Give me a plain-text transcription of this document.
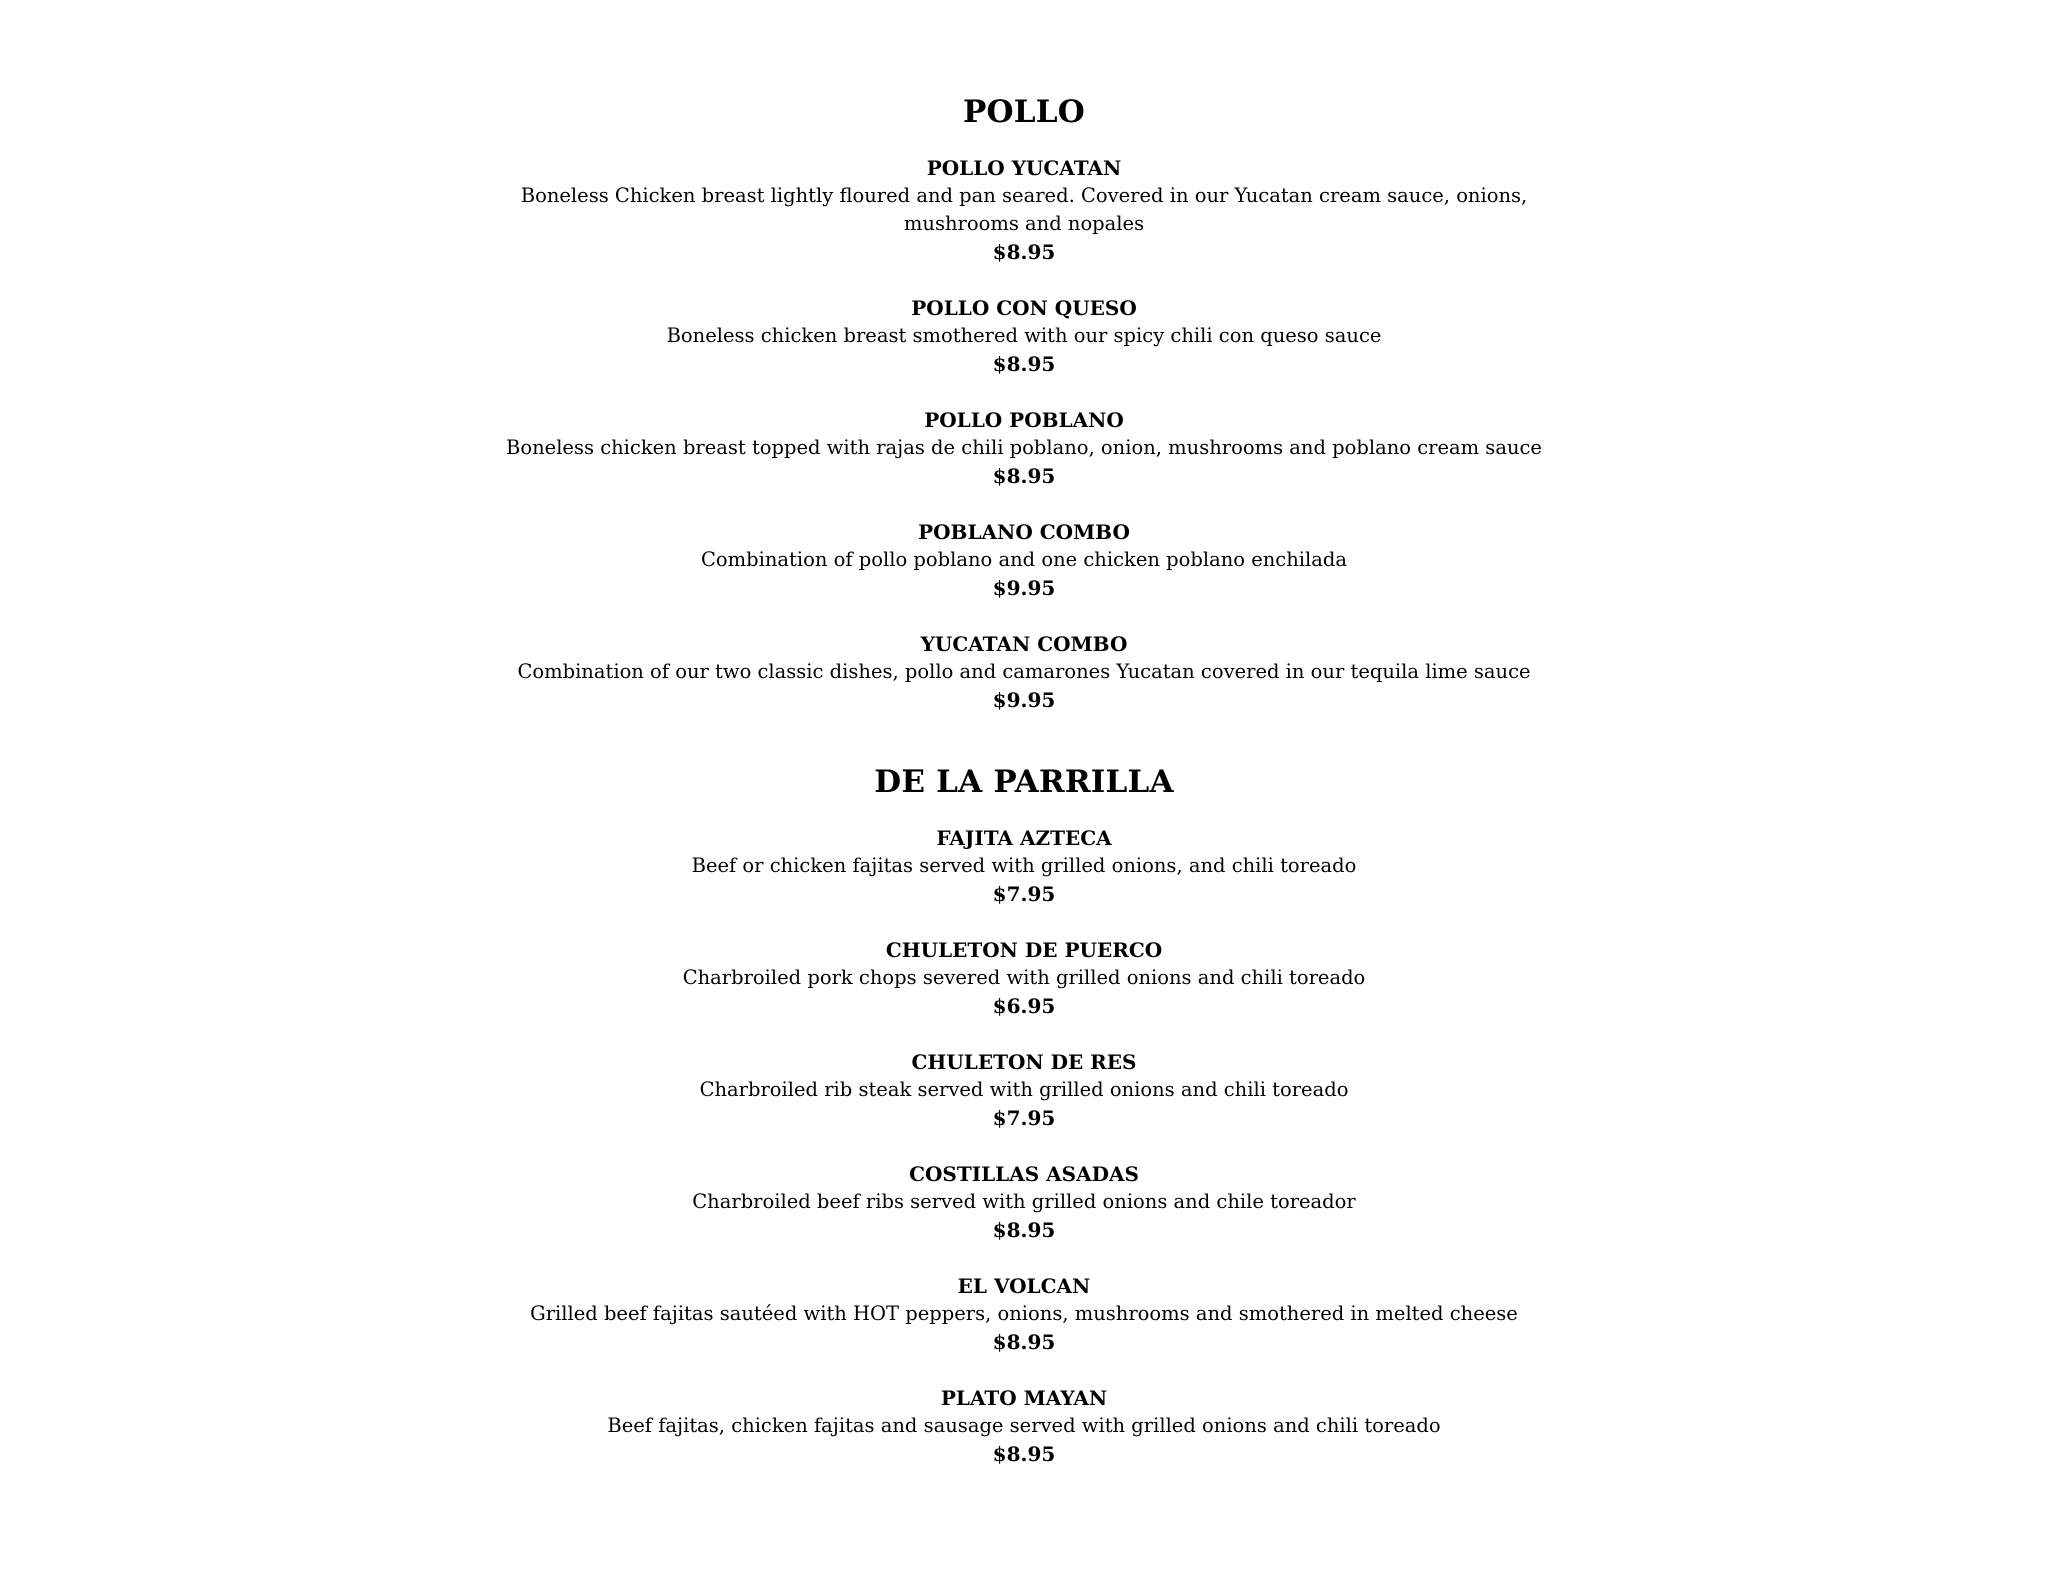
POLLO

POLLO YUCATAN

Boneless Chicken breast lightly floured and pan seared. Covered in our Yucatan cream sauce, onions, mushrooms and nopales

$8.95

POLLO CON QUESO

Boneless chicken breast smothered with our spicy chili con queso sauce

$8.95

POLLO POBLANO

Boneless chicken breast topped with rajas de chili poblano, onion, mushrooms and poblano cream sauce

$8.95

POBLANO COMBO

Combination of pollo poblano and one chicken poblano enchilada

$9.95

YUCATAN COMBO

Combination of our two classic dishes, pollo and camarones Yucatan covered in our tequila lime sauce

$9.95

DE LA PARRILLA

FAJITA AZTECA

Beef or chicken fajitas served with grilled onions, and chili toreado

$7.95

CHULETON DE PUERCO

Charbroiled pork chops severed with grilled onions and chili toreado

$6.95

CHULETON DE RES

Charbroiled rib steak served with grilled onions and chili toreado

$7.95

COSTILLAS ASADAS

Charbroiled beef ribs served with grilled onions and chile toreador

$8.95

EL VOLCAN

Grilled beef fajitas sautéed with HOT peppers, onions, mushrooms and smothered in melted cheese

$8.95

PLATO MAYAN

Beef fajitas, chicken fajitas and sausage served with grilled onions and chili toreado

$8.95
